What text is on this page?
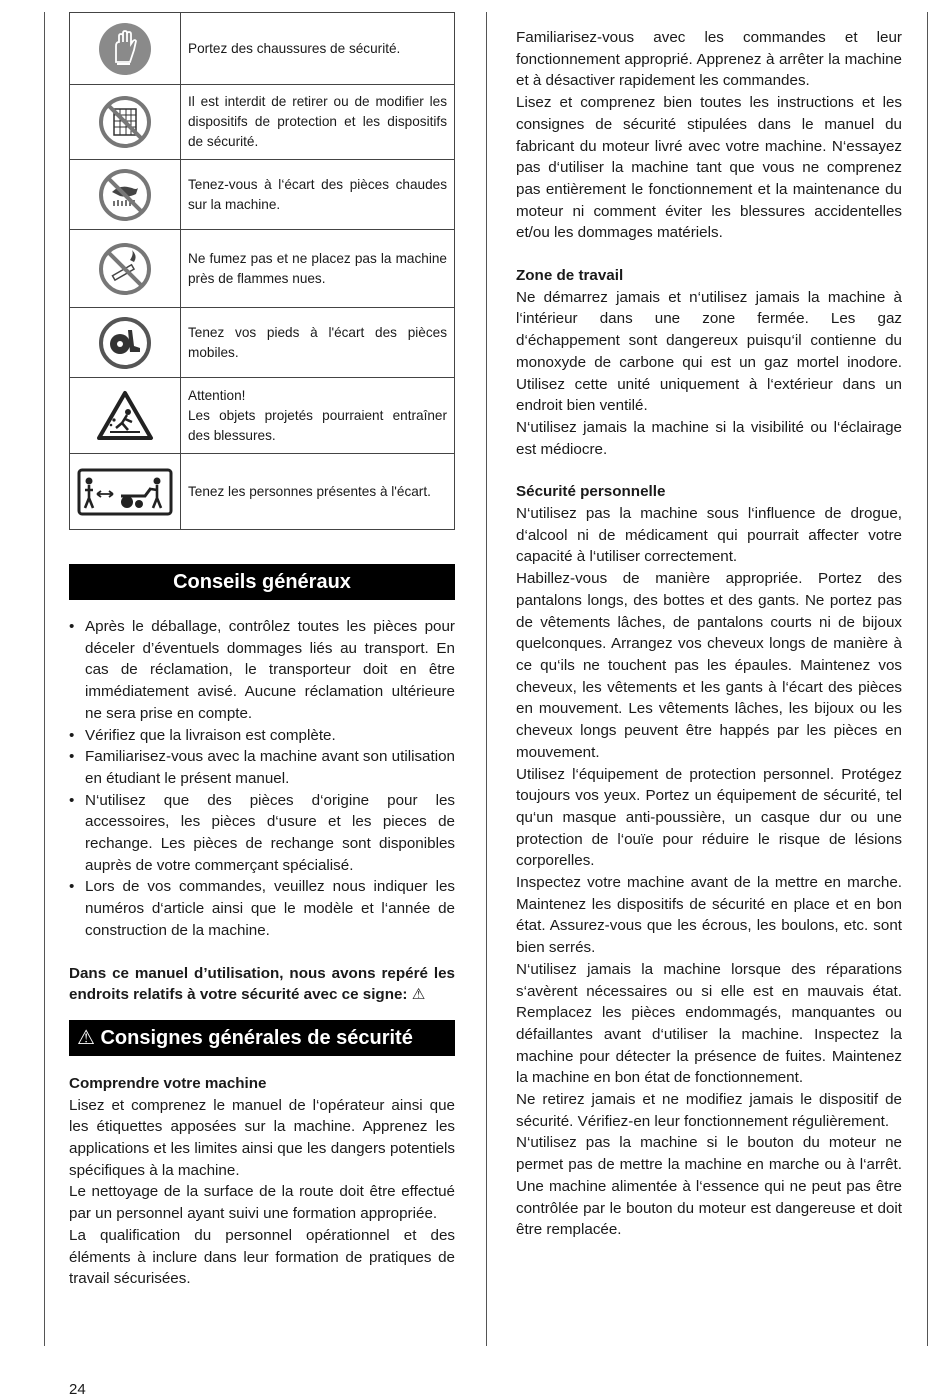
	Portez des chaussures de sécurité.

	Il est interdit de retirer ou de modifier les dispositifs de protection et les dispositifs de sécurité.

	Tenez-vous à l‘écart des pièces chaudes sur la machine.

	Ne fumez pas et ne placez pas la machine près de flammes nues.

	Tenez vos pieds à l'écart des pièces mobiles.

	Attention!
Les objets projetés pourraient entraîner des blessures.

	Tenez les personnes présentes à l'écart.
Conseils généraux
• Après le déballage, contrôlez toutes les pièces pour déceler d’éventuels dommages liés au transport. En cas de réclamation, le transporteur doit en être immédiatement avisé. Aucune réclamation ultérieure ne sera prise en compte.
• Vérifiez que la livraison est complète.
• Familiarisez-vous avec la machine avant son utilisation en étudiant le présent manuel.
• N‘utilisez que des pièces d‘origine pour les accessoires, les pièces d‘usure et les pieces de rechange. Les pièces de rechange sont disponibles auprès de votre commerçant spécialisé.
• Lors de vos commandes, veuillez nous indiquer les numéros d‘article ainsi que le modèle et l‘année de construction de la machine.

Dans ce manuel d’utilisation, nous avons repéré les endroits relatifs à votre sécurité avec ce signe: ⚠

⚠ Consignes générales de sécurité
Comprendre votre machine

Lisez et comprenez le manuel de l‘opérateur ainsi que les étiquettes apposées sur la machine. Apprenez les applications et les limites ainsi que les dangers potentiels spécifiques à la machine.

Le nettoyage de la surface de la route doit être effectué par un personnel ayant suivi une formation appropriée.

La qualification du personnel opérationnel et des éléments à inclure dans leur formation de pratiques de travail sécurisées.

Familiarisez-vous avec les commandes et leur fonctionnement approprié. Apprenez à arrêter la machine et à désactiver rapidement les commandes.

Lisez et comprenez bien toutes les instructions et les consignes de sécurité stipulées dans le manuel du fabricant du moteur livré avec votre machine. N‘essayez pas d‘utiliser la machine tant que vous ne comprenez pas entièrement le fonctionnement et la maintenance du moteur ni comment éviter les blessures accidentelles et/ou les dommages matériels.

Zone de travail

Ne démarrez jamais et n‘utilisez jamais la machine à l‘intérieur dans une zone fermée. Les gaz d‘échappement sont dangereux puisqu‘il contienne du monoxyde de carbone qui est un gaz mortel inodore. Utilisez cette unité uniquement à l‘extérieur dans un endroit bien ventilé.

N‘utilisez jamais la machine si la visibilité ou l‘éclairage est médiocre.

Sécurité personnelle

N‘utilisez pas la machine sous l‘influence de drogue, d‘alcool ni de médicament qui pourrait affecter votre capacité à l‘utiliser correctement.

Habillez-vous de manière appropriée. Portez des pantalons longs, des bottes et des gants. Ne portez pas de vêtements lâches, de pantalons courts ni de bijoux quelconques. Arrangez vos cheveux longs de manière à ce qu‘ils ne touchent pas les épaules. Maintenez vos cheveux, les vêtements et les gants à l‘écart des pièces en mouvement. Les vêtements lâches, les bijoux ou les cheveux longs peuvent être happés par les pièces en mouvement.

Utilisez l‘équipement de protection personnel. Protégez toujours vos yeux. Portez un équipement de sécurité, tel qu‘un masque anti-poussière, un casque dur ou une protection de l‘ouïe pour réduire le risque de lésions corporelles.

Inspectez votre machine avant de la mettre en marche. Maintenez les dispositifs de sécurité en place et en bon état. Assurez-vous que les écrous, les boulons, etc. sont bien serrés.

N‘utilisez jamais la machine lorsque des réparations s‘avèrent nécessaires ou si elle est en mauvais état. Remplacez les pièces endommagés, manquantes ou défaillantes avant d‘utiliser la machine. Inspectez la machine pour détecter la présence de fuites. Maintenez la machine en bon état de fonctionnement.

Ne retirez jamais et ne modifiez jamais le dispositif de sécurité. Vérifiez-en leur fonctionnement régulièrement.

N‘utilisez pas la machine si le bouton du moteur ne permet pas de mettre la machine en marche ou à l‘arrêt. Une machine alimentée à l‘essence qui ne peut pas être contrôlée par le bouton du moteur est dangereuse et doit être remplacée.

24
